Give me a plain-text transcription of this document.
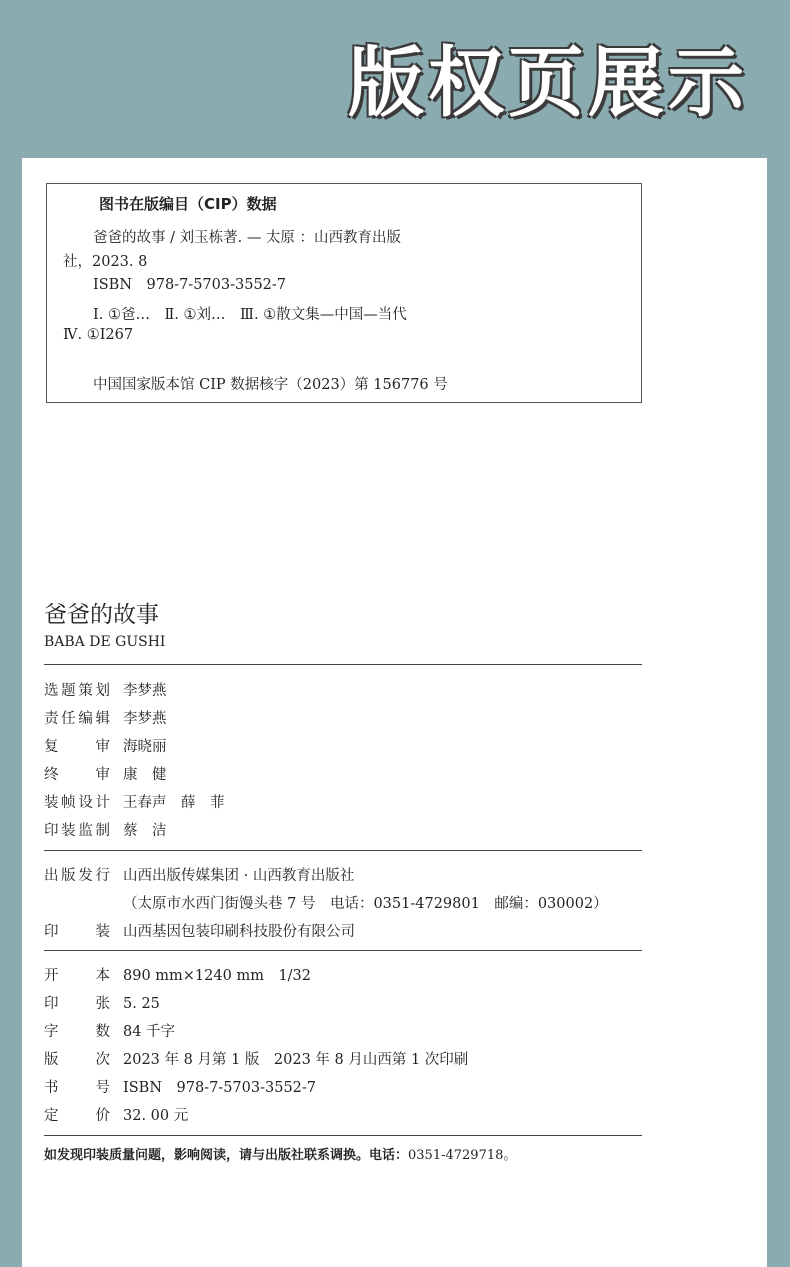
版权页展示
图书在版编目（CIP）数据
爸爸的故事 / 刘玉栋著. — 太原 ：山西教育出版
社，2023. 8
ISBN　978-7-5703-3552-7
Ⅰ. ①爸…　Ⅱ. ①刘…　Ⅲ. ①散文集—中国—当代
Ⅳ. ①I267
中国国家版本馆 CIP 数据核字（2023）第 156776 号
爸爸的故事
BABA DE GUSHI
选题策划 李梦燕
责任编辑 李梦燕
复审 海晓丽
终审 康　健
装帧设计 王春声　薛　菲
印装监制 蔡　洁
出版发行 山西出版传媒集团 · 山西教育出版社
（太原市水西门街馒头巷 7 号　电话：0351-4729801　邮编：030002）
印装 山西基因包装印刷科技股份有限公司
开本 890 mm×1240 mm　1/32
印张 5. 25
字数 84 千字
版次 2023 年 8 月第 1 版　2023 年 8 月山西第 1 次印刷
书号 ISBN　978-7-5703-3552-7
定价 32. 00 元
如发现印装质量问题，影响阅读，请与出版社联系调换。电话：0351-4729718。
